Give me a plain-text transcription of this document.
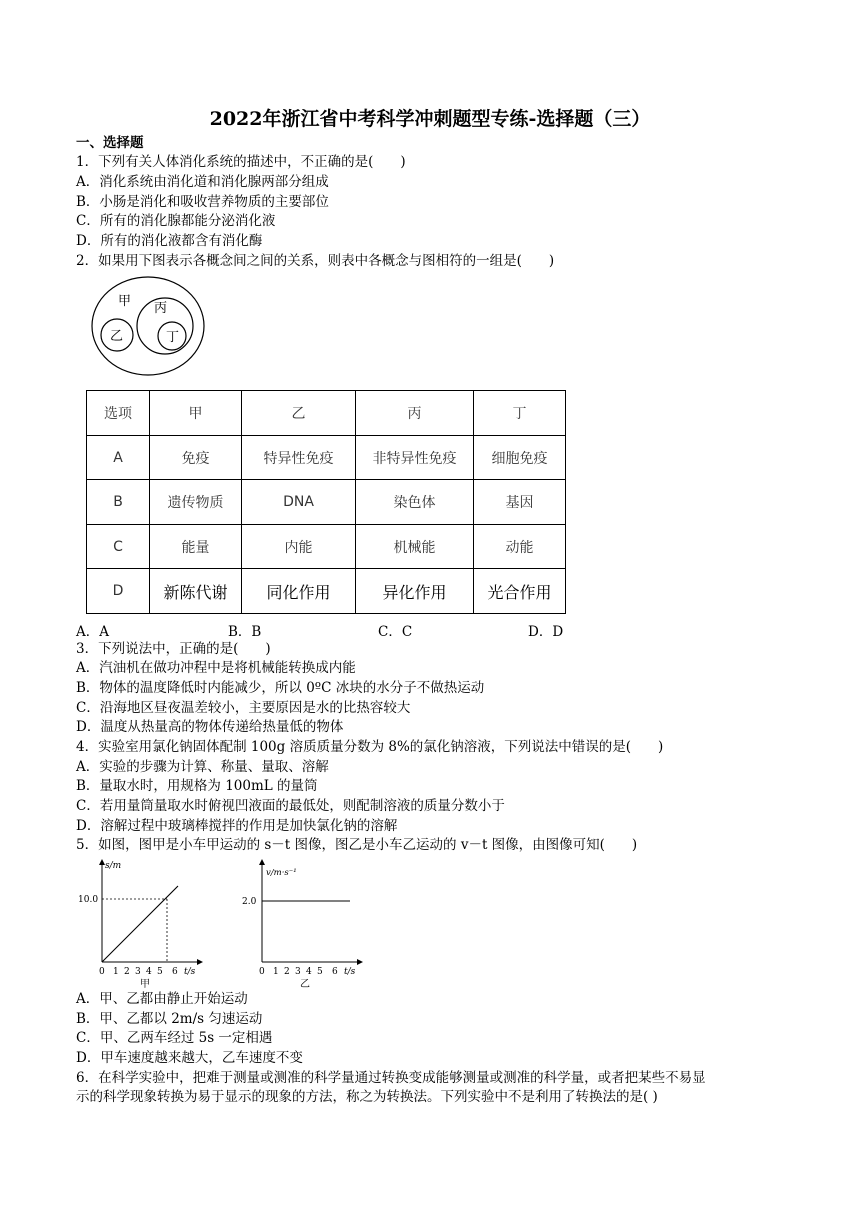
2022年浙江省中考科学冲刺题型专练-选择题（三）
一、选择题
1．下列有关人体消化系统的描述中，不正确的是(　　)
A．消化系统由消化道和消化腺两部分组成
B．小肠是消化和吸收营养物质的主要部位
C．所有的消化腺都能分泌消化液
D．所有的消化液都含有消化酶
2．如果用下图表示各概念间之间的关系，则表中各概念与图相符的一组是(　　)
甲
乙
丙
丁
选项	甲	乙	丙	丁
A	免疫	特异性免疫	非特异性免疫	细胞免疫
B	遗传物质	DNA	染色体	基因
C	能量	内能	机械能	动能
D	新陈代谢	同化作用	异化作用	光合作用
A．A	B．B	C．C	D．D
3．下列说法中，正确的是(　　)
A．汽油机在做功冲程中是将机械能转换成内能
B．物体的温度降低时内能减少，所以 0ºC 冰块的水分子不做热运动
C．沿海地区昼夜温差较小，主要原因是水的比热容较大
D．温度从热量高的物体传递给热量低的物体
4．实验室用氯化钠固体配制 100g 溶质质量分数为 8%的氯化钠溶液，下列说法中错误的是(　　)
A．实验的步骤为计算、称量、量取、溶解
B．量取水时，用规格为 100mL 的量筒
C．若用量筒量取水时俯视凹液面的最低处，则配制溶液的质量分数小于
D．溶解过程中玻璃棒搅拌的作用是加快氯化钠的溶解
5．如图，图甲是小车甲运动的 s－t 图像，图乙是小车乙运动的 v－t 图像，由图像可知(　　)
s/m
10.0
0 1 2 3 4 5 6 t/s
甲
v/m·s⁻¹
2.0
0 1 2 3 4 5 6 t/s
乙
A．甲、乙都由静止开始运动
B．甲、乙都以 2m/s 匀速运动
C．甲、乙两车经过 5s 一定相遇
D．甲车速度越来越大，乙车速度不变
6．在科学实验中，把难于测量或测准的科学量通过转换变成能够测量或测准的科学量，或者把某些不易显
示的科学现象转换为易于显示的现象的方法，称之为转换法。下列实验中不是利用了转换法的是( )
